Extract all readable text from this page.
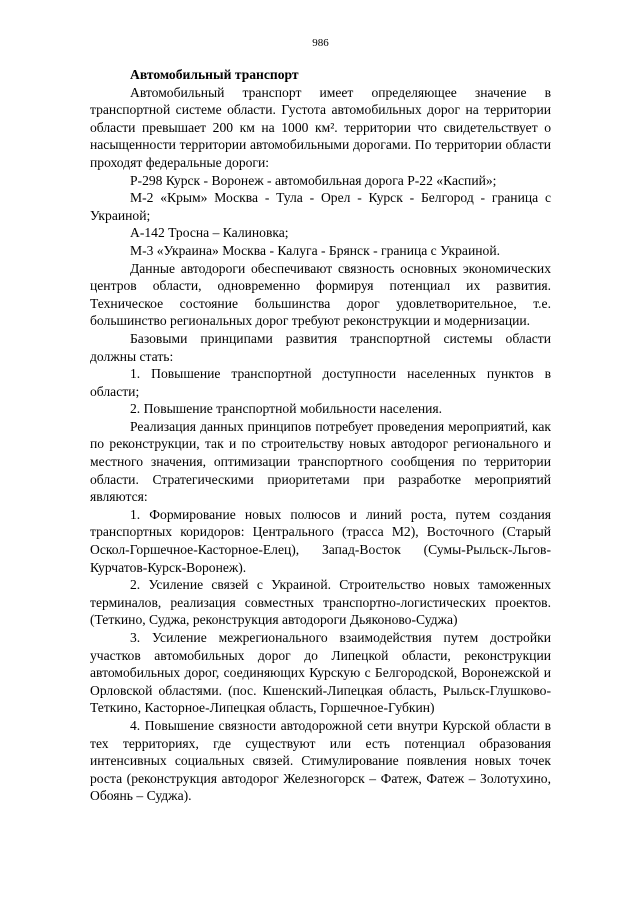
986
Автомобильный транспорт

Автомобильный транспорт имеет определяющее значение в транспортной системе области. Густота автомобильных дорог на территории области превышает 200 км на 1000 км². территории что свидетельствует о насыщенности территории автомобильными дорогами. По территории области проходят федеральные дороги:

Р-298 Курск - Воронеж - автомобильная дорога Р-22 «Каспий»;

М-2 «Крым» Москва - Тула - Орел - Курск - Белгород - граница с Украиной;

А-142 Тросна – Калиновка;

М-3 «Украина» Москва - Калуга - Брянск - граница с Украиной.

Данные автодороги обеспечивают связность основных экономических центров области, одновременно формируя потенциал их развития. Техническое состояние большинства дорог удовлетворительное, т.е. большинство региональных дорог требуют реконструкции и модернизации.

Базовыми принципами развития транспортной системы области должны стать:

1. Повышение транспортной доступности населенных пунктов в области;

2. Повышение транспортной мобильности населения.

Реализация данных принципов потребует проведения мероприятий, как по реконструкции, так и по строительству новых автодорог регионального и местного значения, оптимизации транспортного сообщения по территории области. Стратегическими приоритетами при разработке мероприятий являются:

1. Формирование новых полюсов и линий роста, путем создания транспортных коридоров: Центрального (трасса М2), Восточного (Старый Оскол-Горшечное-Касторное-Елец), Запад-Восток (Сумы-Рыльск-Льгов-Курчатов-Курск-Воронеж).

2. Усиление связей с Украиной. Строительство новых таможенных терминалов, реализация совместных транспортно-логистических проектов. (Теткино, Суджа, реконструкция автодороги Дьяконово-Суджа)

3. Усиление межрегионального взаимодействия путем достройки участков автомобильных дорог до Липецкой области, реконструкции автомобильных дорог, соединяющих Курскую с Белгородской, Воронежской и Орловской областями. (пос. Кшенский-Липецкая область, Рыльск-Глушково-Теткино, Касторное-Липецкая область, Горшечное-Губкин)

4. Повышение связности автодорожной сети внутри Курской области в тех территориях, где существуют или есть потенциал образования интенсивных социальных связей. Стимулирование появления новых точек роста (реконструкция автодорог Железногорск – Фатеж, Фатеж – Золотухино, Обоянь – Суджа).
